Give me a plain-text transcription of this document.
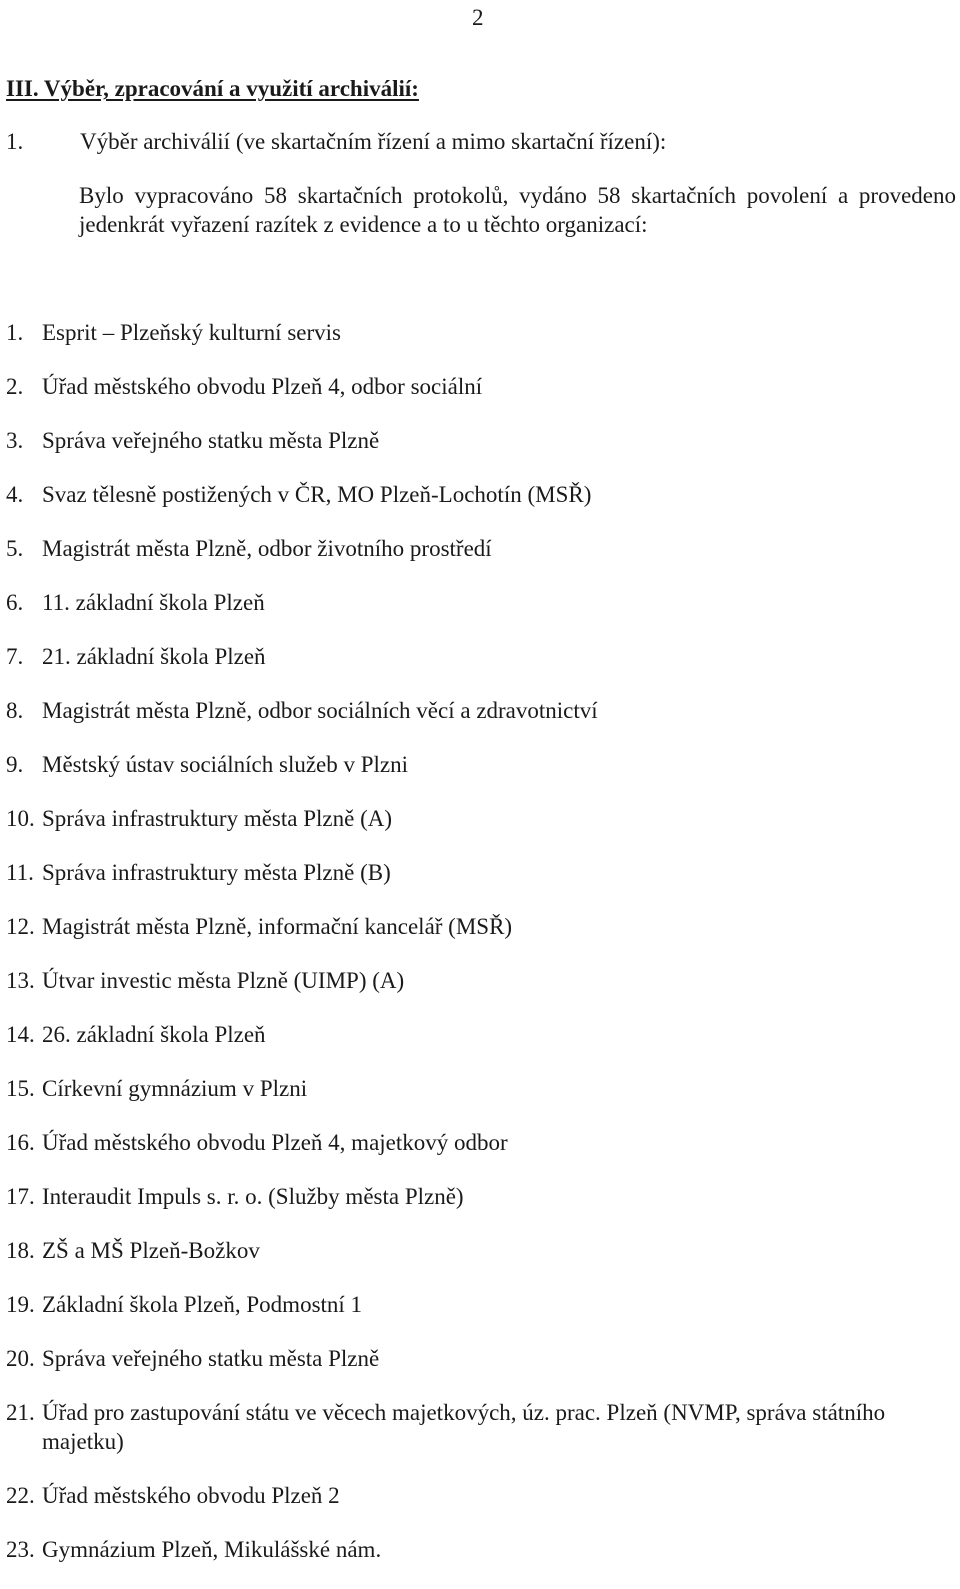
2
III. Výběr, zpracování a využití archiválií:
1. Výběr archiválií (ve skartačním řízení a mimo skartační řízení):
Bylo vypracováno 58 skartačních protokolů, vydáno 58 skartačních povolení a provedeno jedenkrát vyřazení razítek z evidence a to u těchto organizací:
1. Esprit – Plzeňský kulturní servis
2. Úřad městského obvodu Plzeň 4, odbor sociální
3. Správa veřejného statku města Plzně
4. Svaz tělesně postižených v ČR, MO Plzeň-Lochotín (MSŘ)
5. Magistrát města Plzně, odbor životního prostředí
6. 11. základní škola Plzeň
7. 21. základní škola Plzeň
8. Magistrát města Plzně, odbor sociálních věcí a zdravotnictví
9. Městský ústav sociálních služeb v Plzni
10. Správa infrastruktury města Plzně (A)
11. Správa infrastruktury města Plzně (B)
12. Magistrát města Plzně, informační kancelář (MSŘ)
13. Útvar investic města Plzně (UIMP) (A)
14. 26. základní škola Plzeň
15. Církevní gymnázium v Plzni
16. Úřad městského obvodu Plzeň 4, majetkový odbor
17. Interaudit Impuls s. r. o. (Služby města Plzně)
18. ZŠ a MŠ Plzeň-Božkov
19. Základní škola Plzeň, Podmostní 1
20. Správa veřejného statku města Plzně
21. Úřad pro zastupování státu ve věcech majetkových, úz. prac. Plzeň (NVMP, správa státního majetku)
22. Úřad městského obvodu Plzeň 2
23. Gymnázium Plzeň, Mikulášské nám.
